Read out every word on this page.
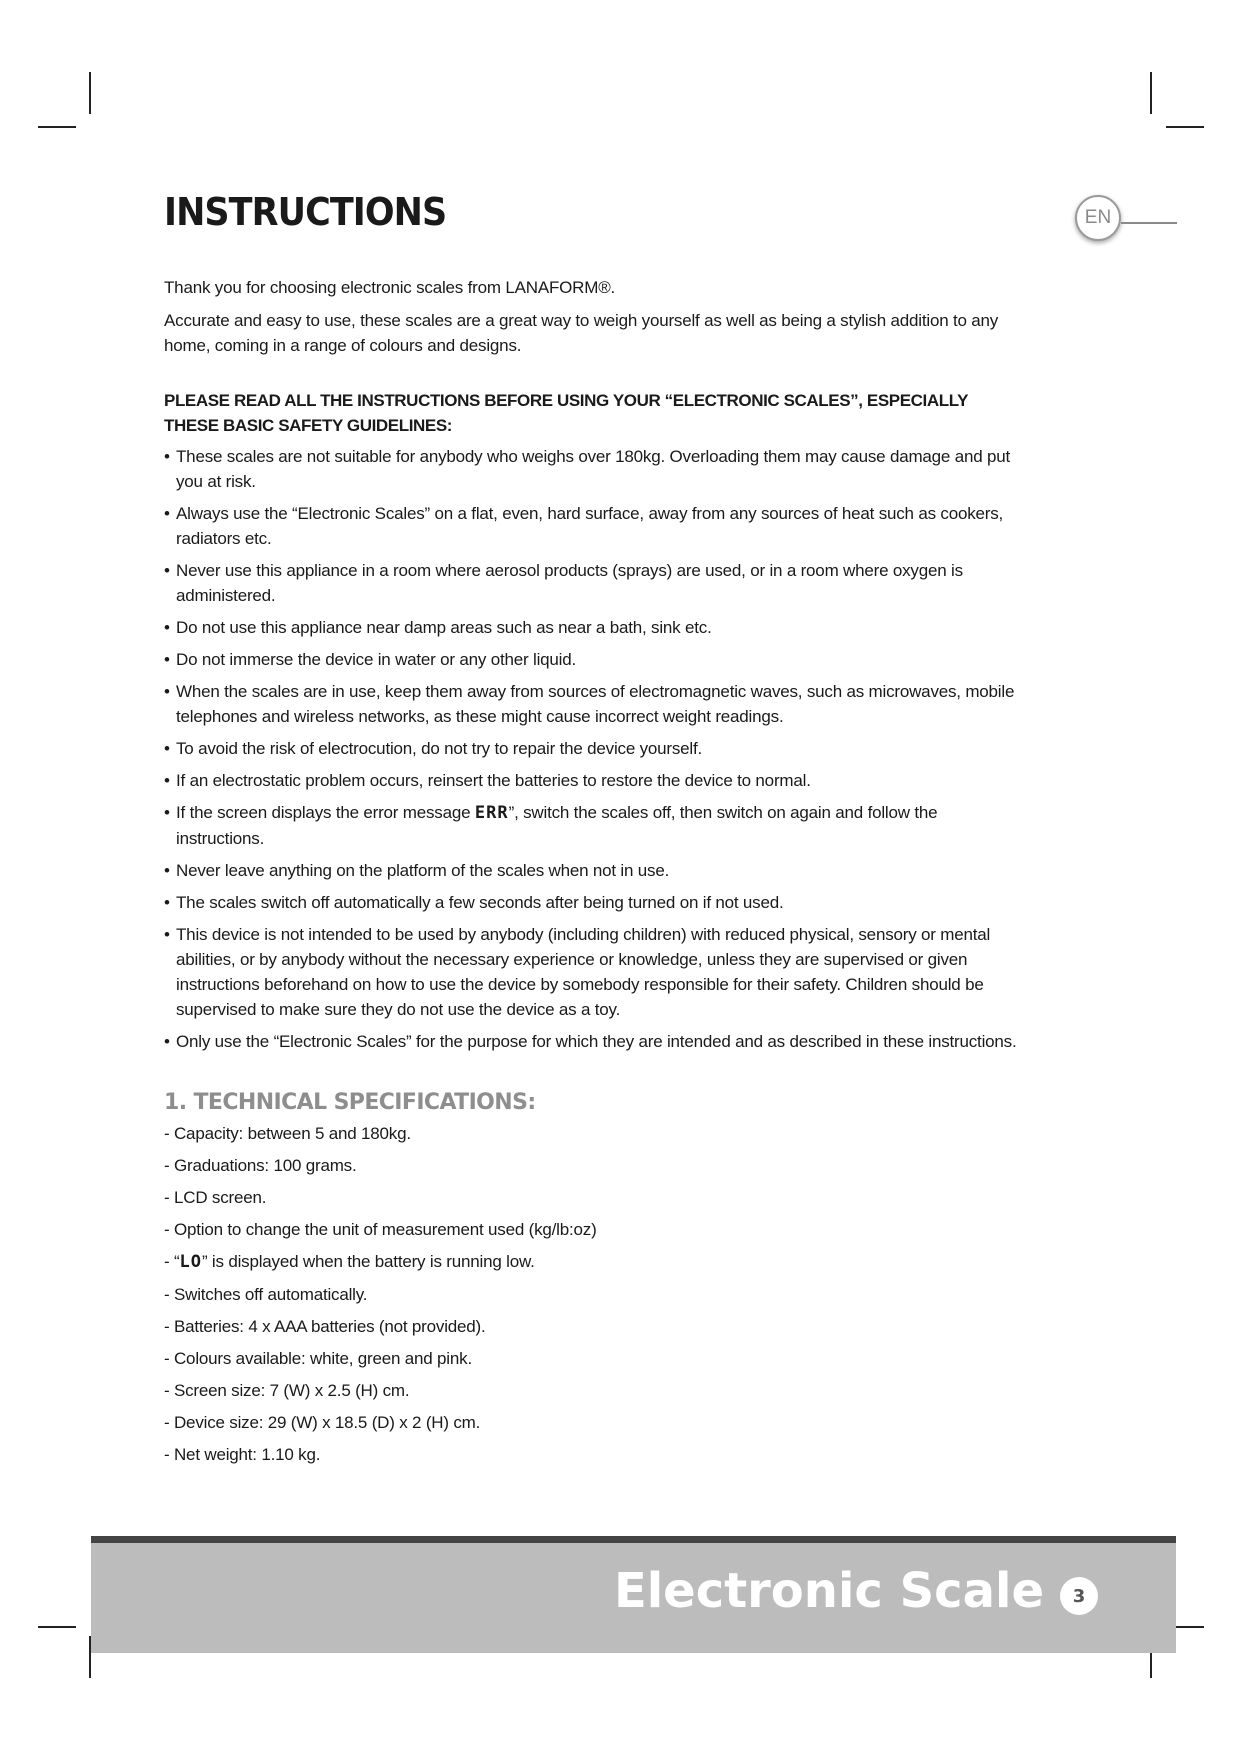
INSTRUCTIONS	EN

Thank you for choosing electronic scales from LANAFORM®.

Accurate and easy to use, these scales are a great way to weigh yourself as well as being a stylish addition to any home, coming in a range of colours and designs.

PLEASE READ ALL THE INSTRUCTIONS BEFORE USING YOUR “ELECTRONIC SCALES”, ESPECIALLY THESE BASIC SAFETY GUIDELINES:
• These scales are not suitable for anybody who weighs over 180kg. Overloading them may cause damage and put you at risk.
• Always use the “Electronic Scales” on a flat, even, hard surface, away from any sources of heat such as cookers, radiators etc.
• Never use this appliance in a room where aerosol products (sprays) are used, or in a room where oxygen is administered.
• Do not use this appliance near damp areas such as near a bath, sink etc.
• Do not immerse the device in water or any other liquid.
• When the scales are in use, keep them away from sources of electromagnetic waves, such as microwaves, mobile telephones and wireless networks, as these might cause incorrect weight readings.
• To avoid the risk of electrocution, do not try to repair the device yourself.
• If an electrostatic problem occurs, reinsert the batteries to restore the device to normal.
• If the screen displays the error message ERR”, switch the scales off, then switch on again and follow the instructions.
• Never leave anything on the platform of the scales when not in use.
• The scales switch off automatically a few seconds after being turned on if not used.
• This device is not intended to be used by anybody (including children) with reduced physical, sensory or mental abilities, or by anybody without the necessary experience or knowledge, unless they are supervised or given instructions beforehand on how to use the device by somebody responsible for their safety. Children should be supervised to make sure they do not use the device as a toy.
• Only use the “Electronic Scales” for the purpose for which they are intended and as described in these instructions.
1. TECHNICAL SPECIFICATIONS:
- Capacity: between 5 and 180kg.
- Graduations: 100 grams.
- LCD screen.
- Option to change the unit of measurement used (kg/lb:oz)
- “LO” is displayed when the battery is running low.
- Switches off automatically.
- Batteries: 4 x AAA batteries (not provided).
- Colours available: white, green and pink.
- Screen size: 7 (W) x 2.5 (H) cm.
- Device size: 29 (W) x 18.5 (D) x 2 (H) cm.
- Net weight: 1.10 kg.
Electronic Scale	3
